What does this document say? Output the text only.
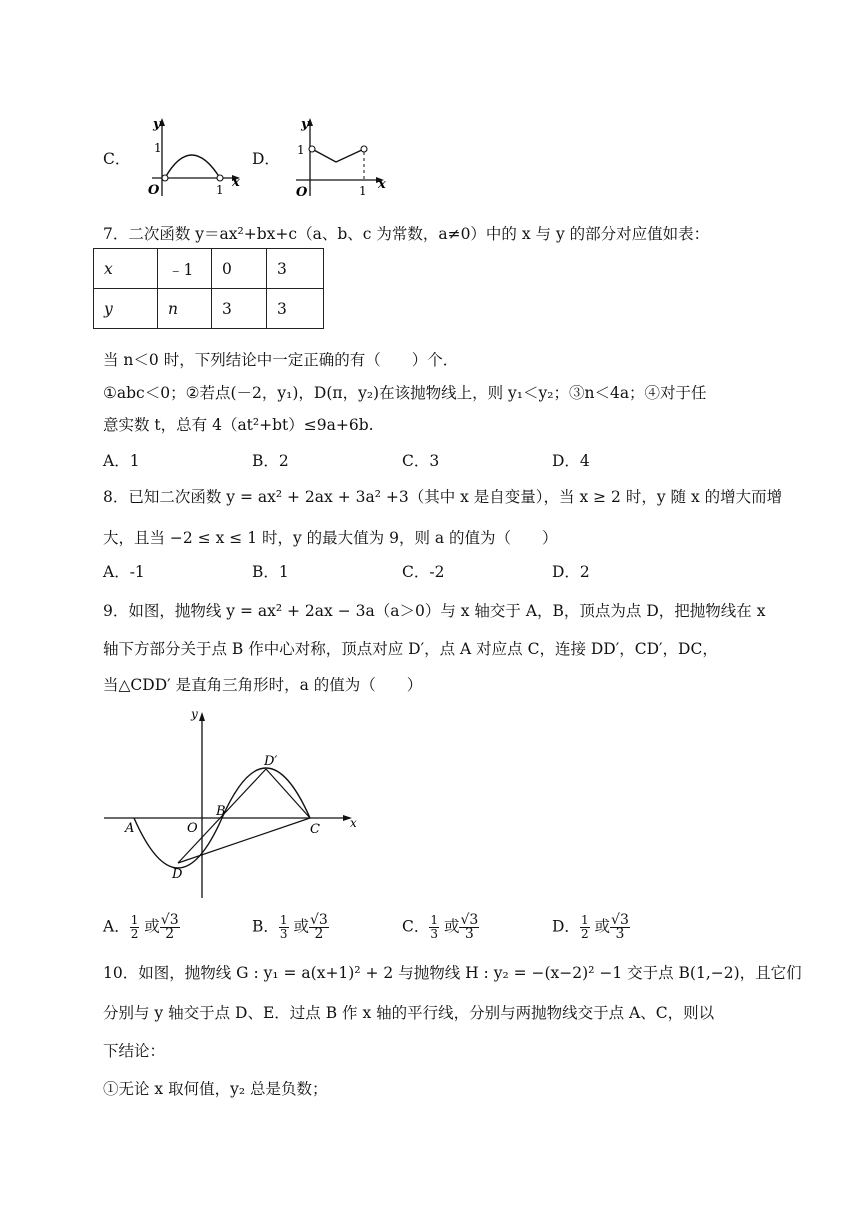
C．
y
1
O	1 x
D．
y
1
O	1 x
7．二次函数 y＝ax²+bx+c（a、b、c 为常数，a≠0）中的 x 与 y 的部分对应值如表：
x	﹣1	0	3
y	n	3	3
当 n＜0 时，下列结论中一定正确的有（　　）个．
①abc＜0；②若点(－2，y₁)，D(π，y₂)在该抛物线上，则 y₁＜y₂；③n＜4a；④对于任
意实数 t，总有 4（at²+bt）≤9a+6b.
A．1	B．2	C．3	D．4
8．已知二次函数 y = ax² + 2ax + 3a² +3（其中 x 是自变量），当 x ≥ 2 时，y 随 x 的增大而增
大，且当 −2 ≤ x ≤ 1 时，y 的最大值为 9，则 a 的值为（　　）
A．-1	B．1	C．-2	D．2
9．如图，抛物线 y = ax² + 2ax − 3a（a＞0）与 x 轴交于 A，B，顶点为点 D，把抛物线在 x
轴下方部分关于点 B 作中心对称，顶点对应 D′，点 A 对应点 C，连接 DD′，CD′，DC，
当△CDD′ 是直角三角形时，a 的值为（　　）
y
x
A	O
B
C
D
D′
A． $\frac{1}{2}$ 或 $\frac{√3}{2}$	B． $\frac{1}{3}$ 或 $\frac{√3}{2}$	C． $\frac{1}{3}$ 或 $\frac{√3}{3}$	D． $\frac{1}{2}$ 或 $\frac{√3}{3}$
10．如图，抛物线 G : y₁ = a(x+1)² + 2 与抛物线 H : y₂ = −(x−2)² −1 交于点 B(1,−2)，且它们
分别与 y 轴交于点 D、E．过点 B 作 x 轴的平行线，分别与两抛物线交于点 A、C，则以
下结论：
①无论 x 取何值，y₂ 总是负数；
